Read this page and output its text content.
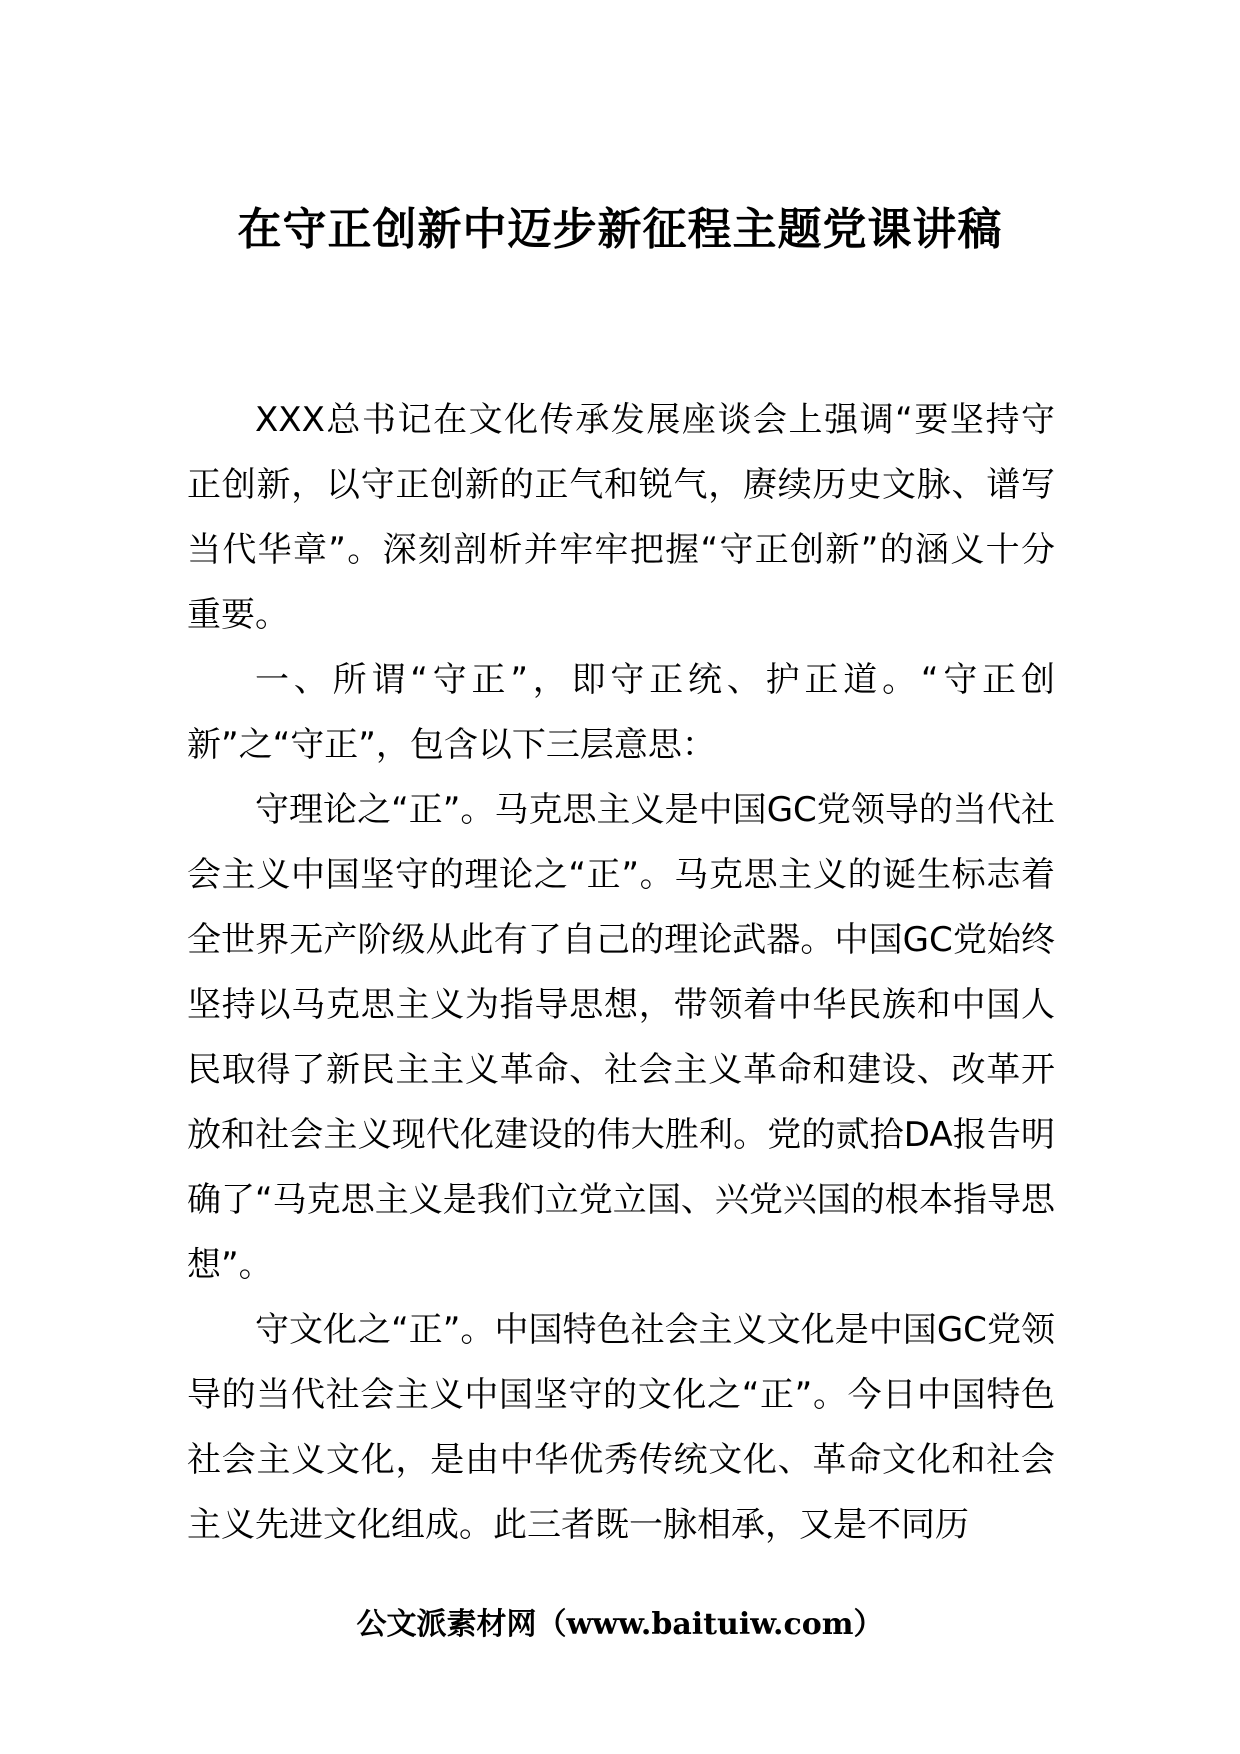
在守正创新中迈步新征程主题党课讲稿

XXX总书记在文化传承发展座谈会上强调“要坚持守正创新，以守正创新的正气和锐气，赓续历史文脉、谱写当代华章”。深刻剖析并牢牢把握“守正创新”的涵义十分重要。

一、所谓“守正”，即守正统、护正道。“守正创新”之“守正”，包含以下三层意思：

守理论之“正”。马克思主义是中国GC党领导的当代社会主义中国坚守的理论之“正”。马克思主义的诞生标志着全世界无产阶级从此有了自己的理论武器。中国GC党始终坚持以马克思主义为指导思想，带领着中华民族和中国人民取得了新民主主义革命、社会主义革命和建设、改革开放和社会主义现代化建设的伟大胜利。党的贰拾DA报告明确了“马克思主义是我们立党立国、兴党兴国的根本指导思想”。

守文化之“正”。中国特色社会主义文化是中国GC党领导的当代社会主义中国坚守的文化之“正”。今日中国特色社会主义文化，是由中华优秀传统文化、革命文化和社会主义先进文化组成。此三者既一脉相承，又是不同历

公文派素材网（www.baituiw.com）
